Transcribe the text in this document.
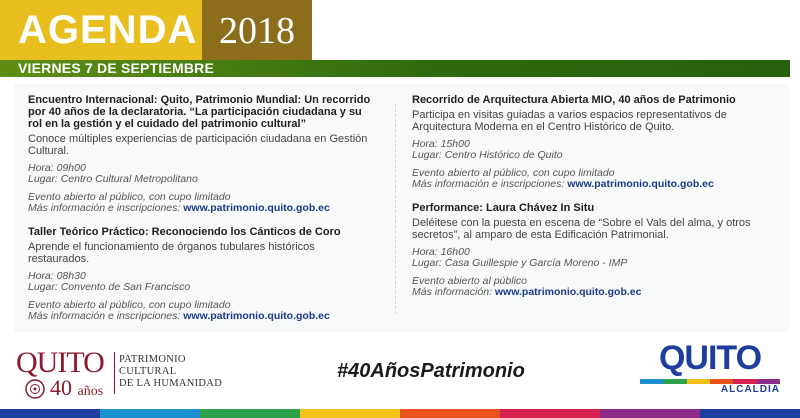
AGENDA 2018
VIERNES 7 DE SEPTIEMBRE
Encuentro Internacional: Quito, Patrimonio Mundial: Un recorrido por 40 años de la declaratoria. “La participación ciudadana y su rol en la gestión y el cuidado del patrimonio cultural”
Conoce múltiples experiencias de participación ciudadana en Gestión Cultural.
Hora: 09h00
Lugar: Centro Cultural Metropolitano
Evento abierto al público, con cupo limitado
Más información e inscripciones: www.patrimonio.quito.gob.ec
Taller Teórico Práctico: Reconociendo los Cánticos de Coro
Aprende el funcionamiento de órganos tubulares históricos restaurados.
Hora: 08h30
Lugar: Convento de San Francisco
Evento abierto al público, con cupo limitado
Más información e inscripciones: www.patrimonio.quito.gob.ec
Recorrido de Arquitectura Abierta MIO, 40 años de Patrimonio
Participa en visitas guiadas a varios espacios representativos de Arquitectura Moderna en el Centro Histórico de Quito.
Hora: 15h00
Lugar: Centro Histórico de Quito
Evento abierto al público, con cupo limitado
Más información e inscripciones: www.patrimonio.quito.gob.ec
Performance: Laura Chávez In Situ
Deléitese con la puesta en escena de “Sobre el Vals del alma, y otros secretos”, al amparo de esta Edificación Patrimonial.
Hora: 16h00
Lugar: Casa Guillespie y García Moreno - IMP
Evento abierto al público
Más información: www.patrimonio.quito.gob.ec
QUITO
40 años
PATRIMONIO
CULTURAL
DE LA HUMANIDAD
#40AñosPatrimonio	QUITO
ALCALDÍA
